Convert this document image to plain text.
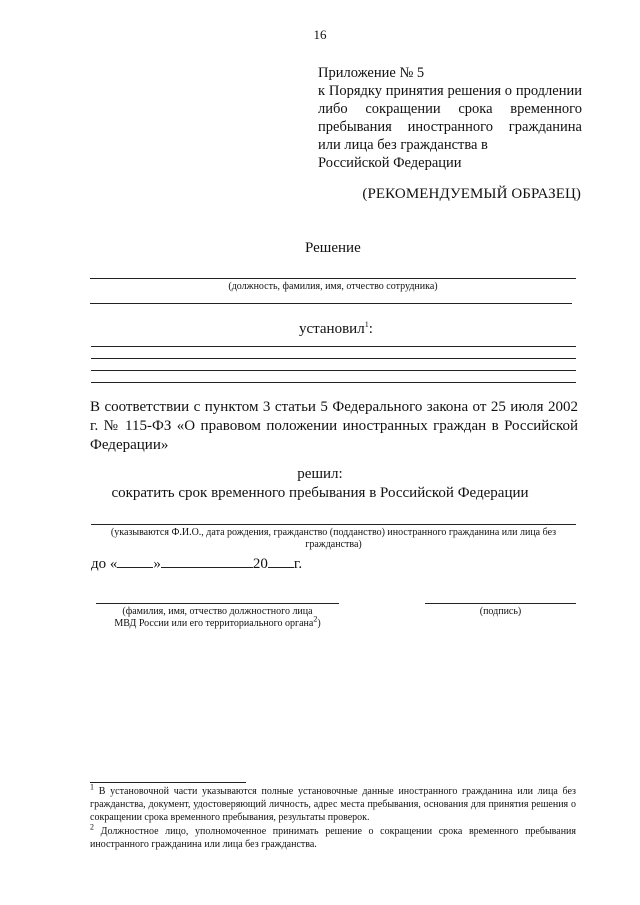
16
Приложение № 5
к Порядку принятия решения о продлении либо сокращении срока временного пребывания иностранного гражданина или лица без гражданства в
Российской Федерации
(РЕКОМЕНДУЕМЫЙ ОБРАЗЕЦ)
Решение
(должность, фамилия, имя, отчество сотрудника)
установил$^1$:
В соответствии с пунктом 3 статьи 5 Федерального закона от 25 июля 2002 г. № 115-ФЗ «О правовом положении иностранных граждан в Российской Федерации»
решил:
сократить срок временного пребывания в Российской Федерации
(указываются Ф.И.О., дата рождения, гражданство (подданство) иностранного гражданина или лица без гражданства)
до « »	20 г.
(фамилия, имя, отчество должностного лица
МВД России или его территориального органа$^2$)
(подпись)
$^1$ В установочной части указываются полные установочные данные иностранного гражданина или лица без гражданства, документ, удостоверяющий личность, адрес места пребывания, основания для принятия решения о сокращении срока временного пребывания, результаты проверок.
$^2$ Должностное лицо, уполномоченное принимать решение о сокращении срока временного пребывания иностранного гражданина или лица без гражданства.
